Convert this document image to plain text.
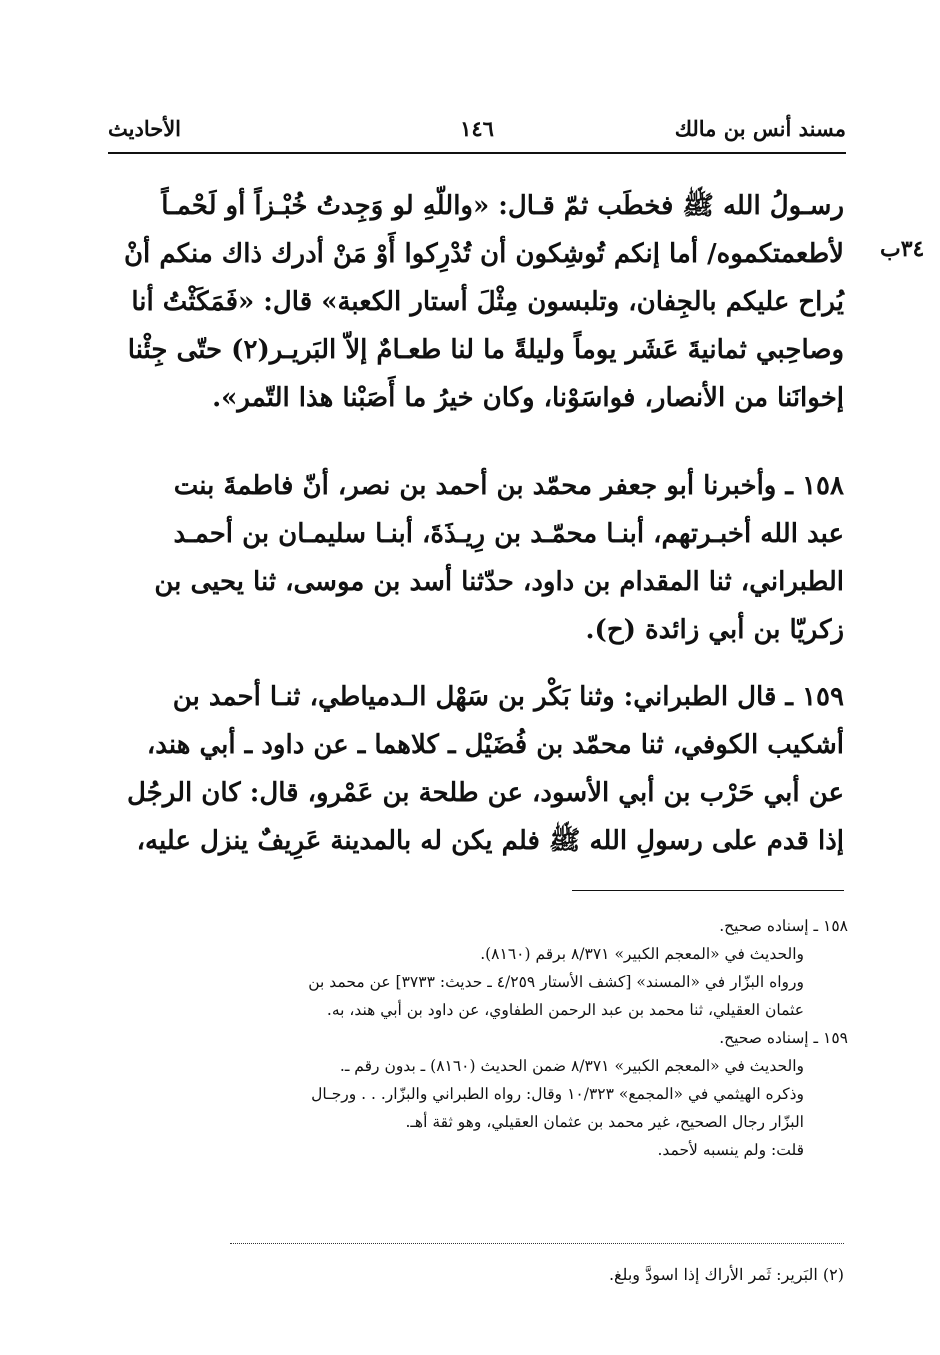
مسند أنس بن مالك
١٤٦
الأحاديث
٣٤ب

رسـولُ الله ﷺ فخطَب ثمّ قـال: «واللّهِ لو وَجِدتُ خُبْـزاً أو لَحْمـاً

لأطعمتكموه/ أما إنكم تُوشِكون أن تُدْرِكوا أَوْ مَنْ أدرك ذاك منكم أنْ

يُراح عليكم بالجِفان، وتلبسون مِثْلَ أستار الكعبة» قال: «فَمَكَثْتُ أنا

وصاحِبي ثمانيةَ عَشَر يوماً وليلةً ما لنا طعـامٌ إلاّ البَريـر(٢) حتّى جِئْنا

إخوانَنا من الأنصار، فواسَوْنا، وكان خيرُ ما أَصَبْنا هذا التّمر».

١٥٨ ـ وأخبرنا أبو جعفر محمّد بن أحمد بن نصر، أنّ فاطمةَ بنت

عبد الله أخبـرتهم، أبنـا محمّـد بن رِيـذَةَ، أبنـا سليمـان بن أحمـد

الطبراني، ثنا المقدام بن داود، حدّثنا أسد بن موسى، ثنا يحيى بن

زكريّا بن أبي زائدة (ح).

١٥٩ ـ قال الطبراني: وثنا بَكْر بن سَهْل الـدمياطي، ثنـا أحمد بن

أشكيب الكوفي، ثنا محمّد بن فُضَيْل ـ كلاهما ـ عن داود ـ أبي هند،

عن أبي حَرْب بن أبي الأسود، عن طلحة بن عَمْرو، قال: كان الرجُل

إذا قدم على رسولِ الله ﷺ فلم يكن له بالمدينة عَرِيفٌ ينزل عليه،

١٥٨ ـ إسناده صحيح.
والحديث في «المعجم الكبير» ٨/٣٧١ برقم (٨١٦٠).
ورواه البزّار في «المسند» [كشف الأستار ٤/٢٥٩ ـ حديث: ٣٧٣٣] عن محمد بن
عثمان العقيلي، ثنا محمد بن عبد الرحمن الطفاوي، عن داود بن أبي هند، به.
١٥٩ ـ إسناده صحيح.
والحديث في «المعجم الكبير» ٨/٣٧١ ضمن الحديث (٨١٦٠) ـ بدون رقم ـ.
وذكره الهيثمي في «المجمع» ١٠/٣٢٣ وقال: رواه الطبراني والبزّار. . . ورجـال
البزّار رجال الصحيح، غير محمد بن عثمان العقيلي، وهو ثقة أهـ.
قلت: ولم ينسبه لأحمد.
(٢) البَرير: ثَمر الأراك إذا اسودَّ وبلغ.
